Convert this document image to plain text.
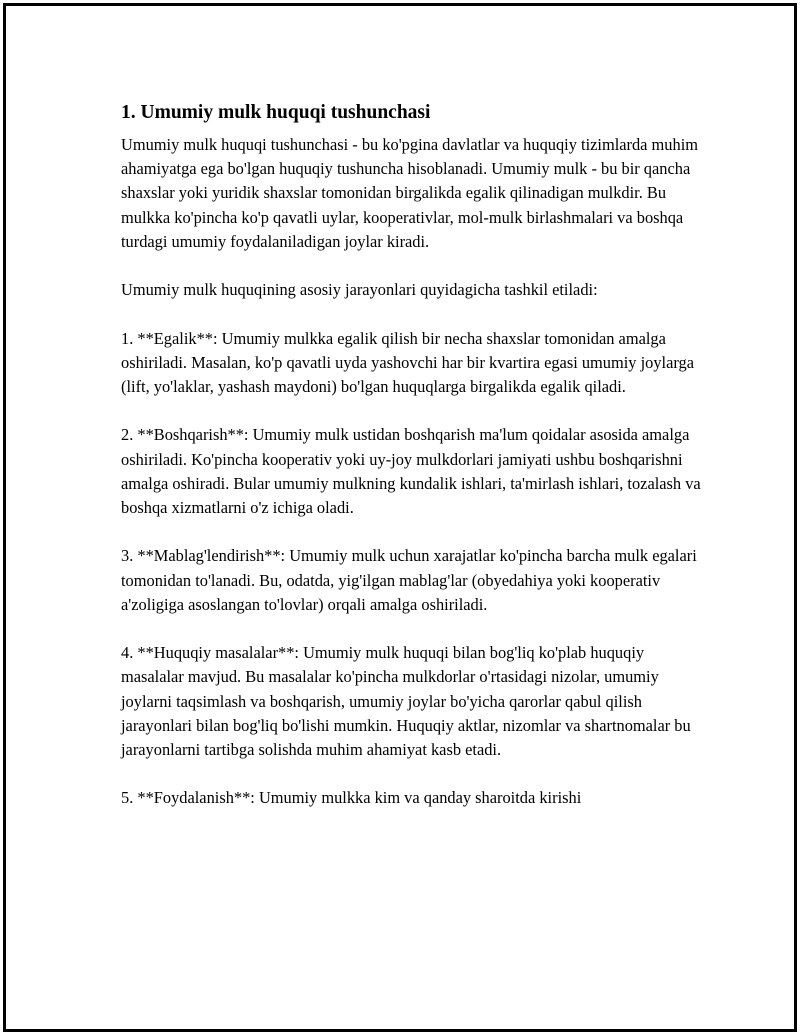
1. Umumiy mulk huquqi tushunchasi

Umumiy mulk huquqi tushunchasi - bu ko'pgina davlatlar va huquqiy tizimlarda muhim ahamiyatga ega bo'lgan huquqiy tushuncha hisoblanadi. Umumiy mulk - bu bir qancha shaxslar yoki yuridik shaxslar tomonidan birgalikda egalik qilinadigan mulkdir. Bu mulkka ko'pincha ko'p qavatli uylar, kooperativlar, mol-mulk birlashmalari va boshqa turdagi umumiy foydalaniladigan joylar kiradi.

Umumiy mulk huquqining asosiy jarayonlari quyidagicha tashkil etiladi:

1. **Egalik**: Umumiy mulkka egalik qilish bir necha shaxslar tomonidan amalga oshiriladi. Masalan, ko'p qavatli uyda yashovchi har bir kvartira egasi umumiy joylarga (lift, yo'laklar, yashash maydoni) bo'lgan huquqlarga birgalikda egalik qiladi.

2. **Boshqarish**: Umumiy mulk ustidan boshqarish ma'lum qoidalar asosida amalga oshiriladi. Ko'pincha kooperativ yoki uy-joy mulkdorlari jamiyati ushbu boshqarishni amalga oshiradi. Bular umumiy mulkning kundalik ishlari, ta'mirlash ishlari, tozalash va boshqa xizmatlarni o'z ichiga oladi.

3. **Mablag'lendirish**: Umumiy mulk uchun xarajatlar ko'pincha barcha mulk egalari tomonidan to'lanadi. Bu, odatda, yig'ilgan mablag'lar (obyedahiya yoki kooperativ a'zoligiga asoslangan to'lovlar) orqali amalga oshiriladi.

4. **Huquqiy masalalar**: Umumiy mulk huquqi bilan bog'liq ko'plab huquqiy masalalar mavjud. Bu masalalar ko'pincha mulkdorlar o'rtasidagi nizolar, umumiy joylarni taqsimlash va boshqarish, umumiy joylar bo'yicha qarorlar qabul qilish jarayonlari bilan bog'liq bo'lishi mumkin. Huquqiy aktlar, nizomlar va shartnomalar bu jarayonlarni tartibga solishda muhim ahamiyat kasb etadi.

5. **Foydalanish**: Umumiy mulkka kim va qanday sharoitda kirishi
